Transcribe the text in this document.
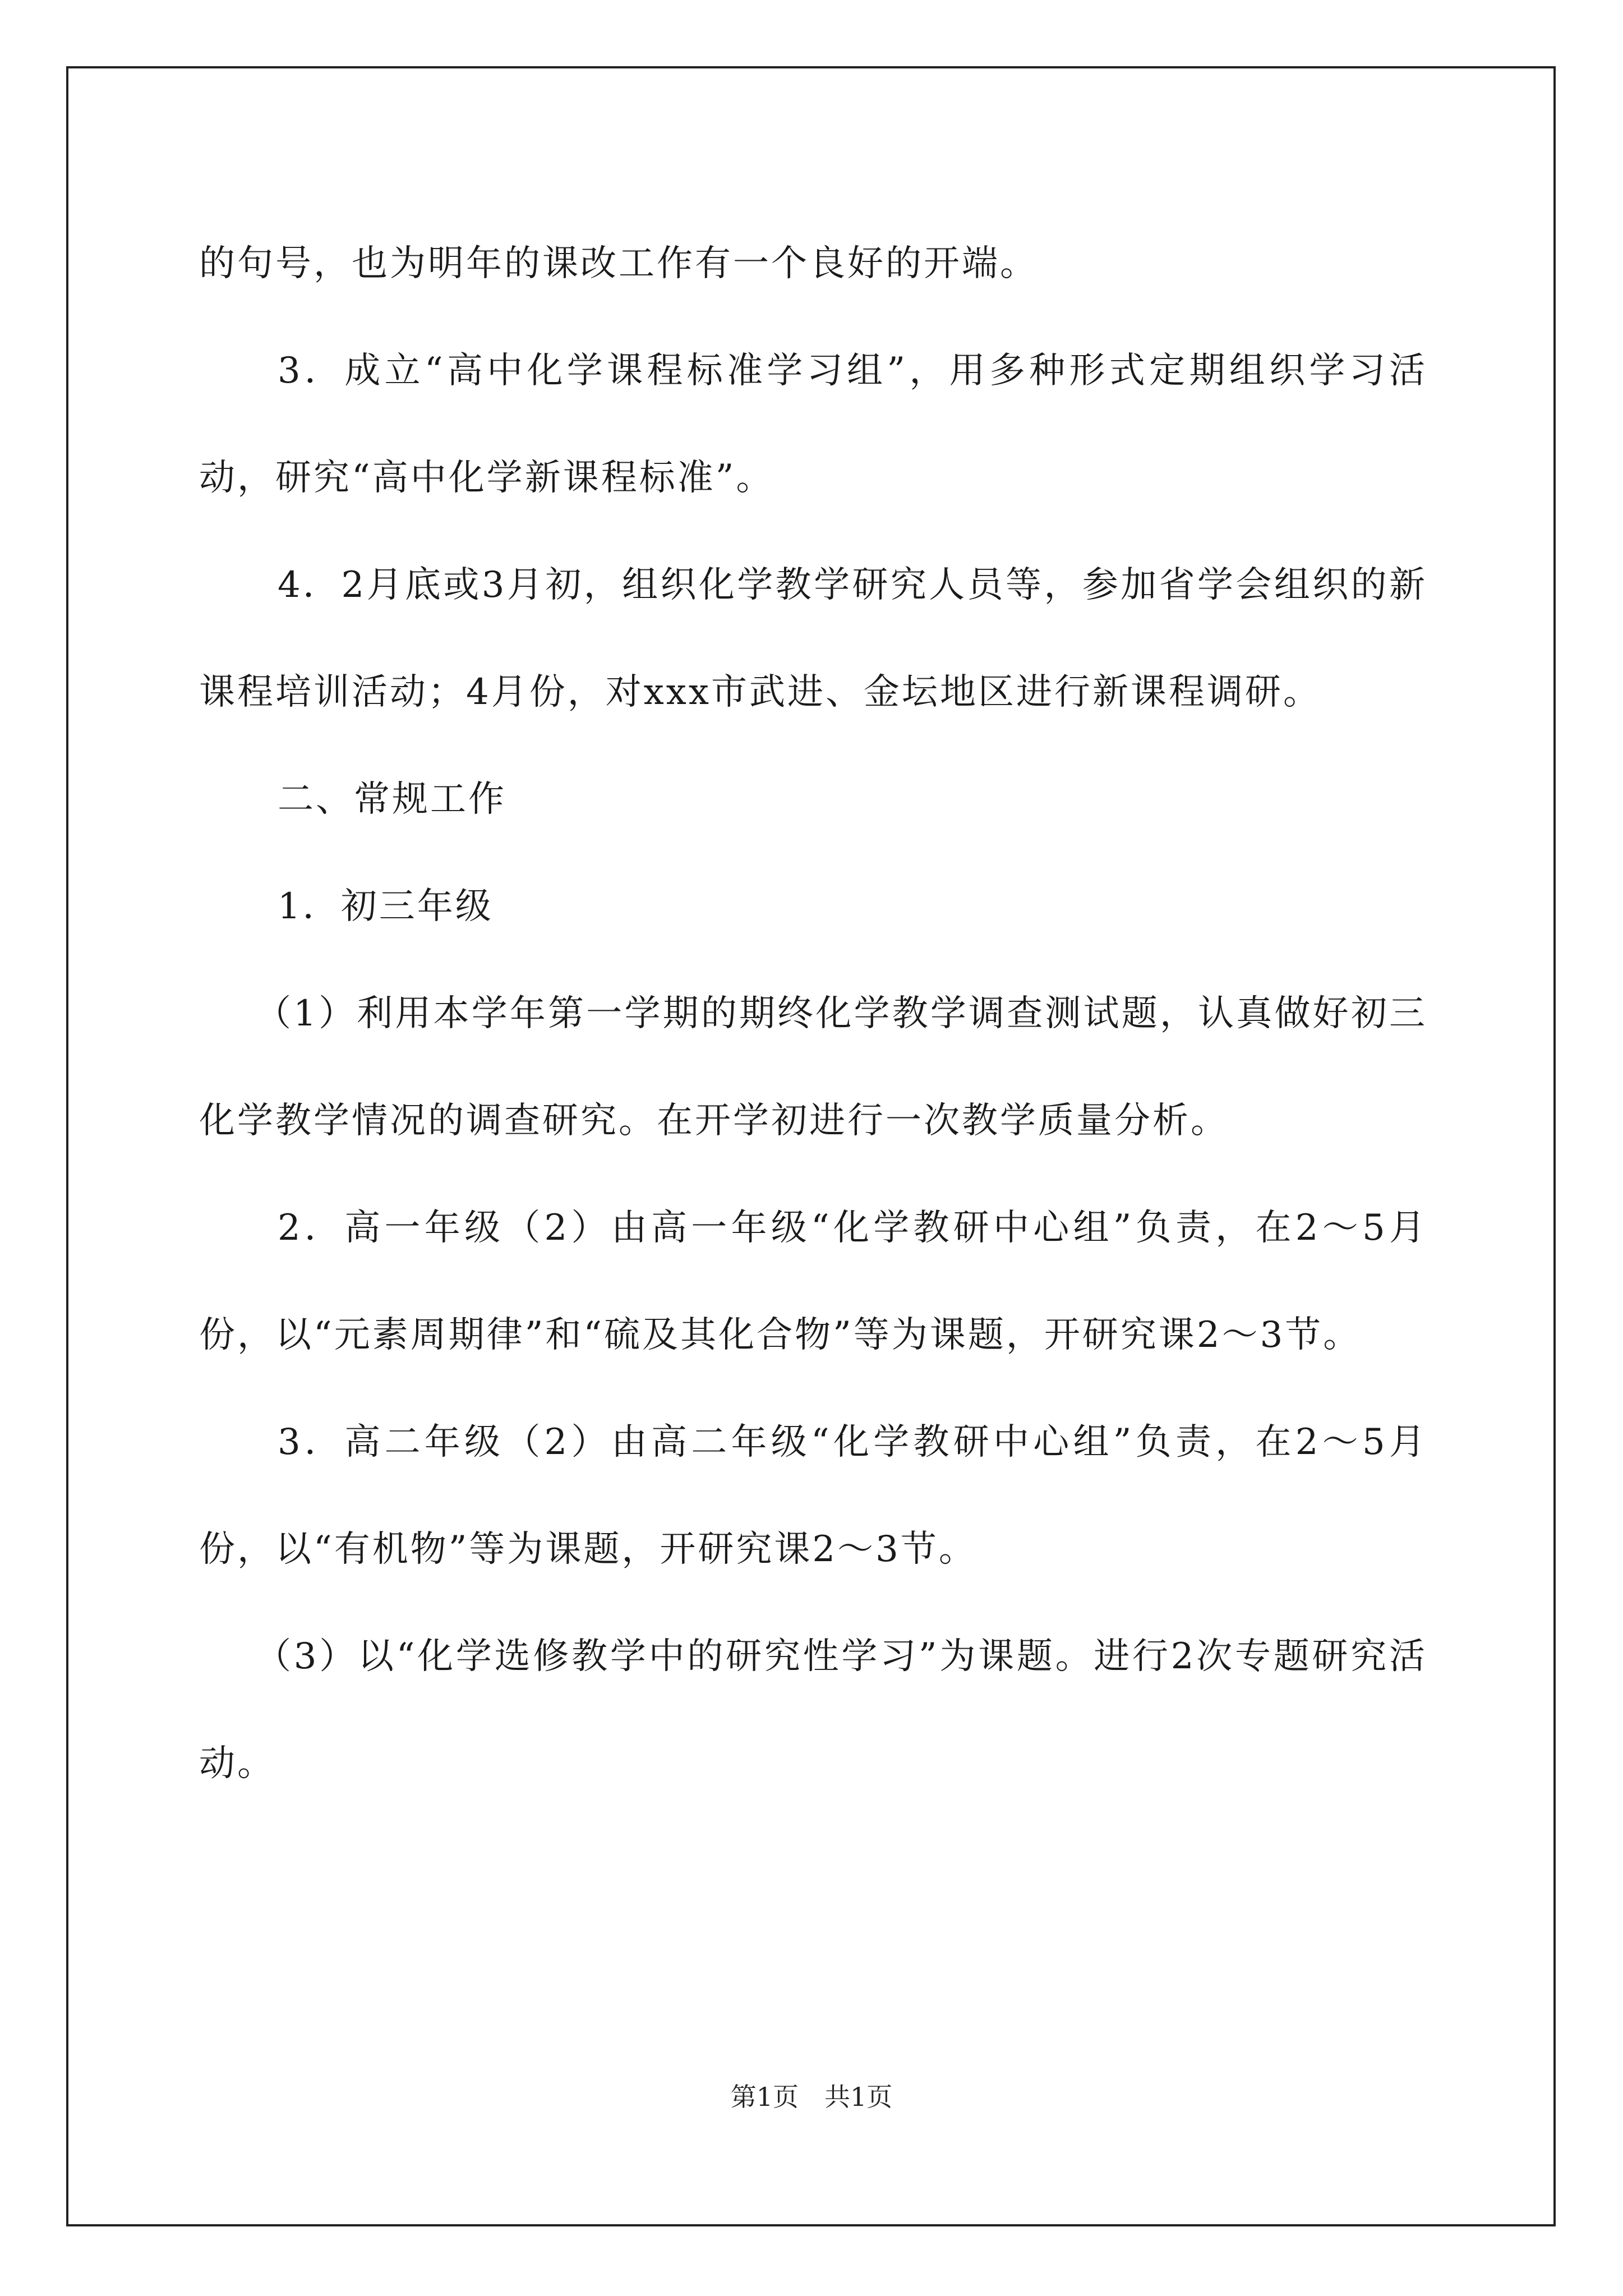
的句号，也为明年的课改工作有一个良好的开端。

3．成立“高中化学课程标准学习组”，用多种形式定期组织学习活动，研究“高中化学新课程标准”。

4．2月底或3月初，组织化学教学研究人员等，参加省学会组织的新课程培训活动；4月份，对xxx市武进、金坛地区进行新课程调研。

二、常规工作

1．初三年级

（1）利用本学年第一学期的期终化学教学调查测试题，认真做好初三化学教学情况的调查研究。在开学初进行一次教学质量分析。

2．高一年级（2）由高一年级“化学教研中心组”负责，在2～5月份，以“元素周期律”和“硫及其化合物”等为课题，开研究课2～3节。

3．高二年级（2）由高二年级“化学教研中心组”负责，在2～5月份，以“有机物”等为课题，开研究课2～3节。

（3）以“化学选修教学中的研究性学习”为课题。进行2次专题研究活动。

第1页　共1页
